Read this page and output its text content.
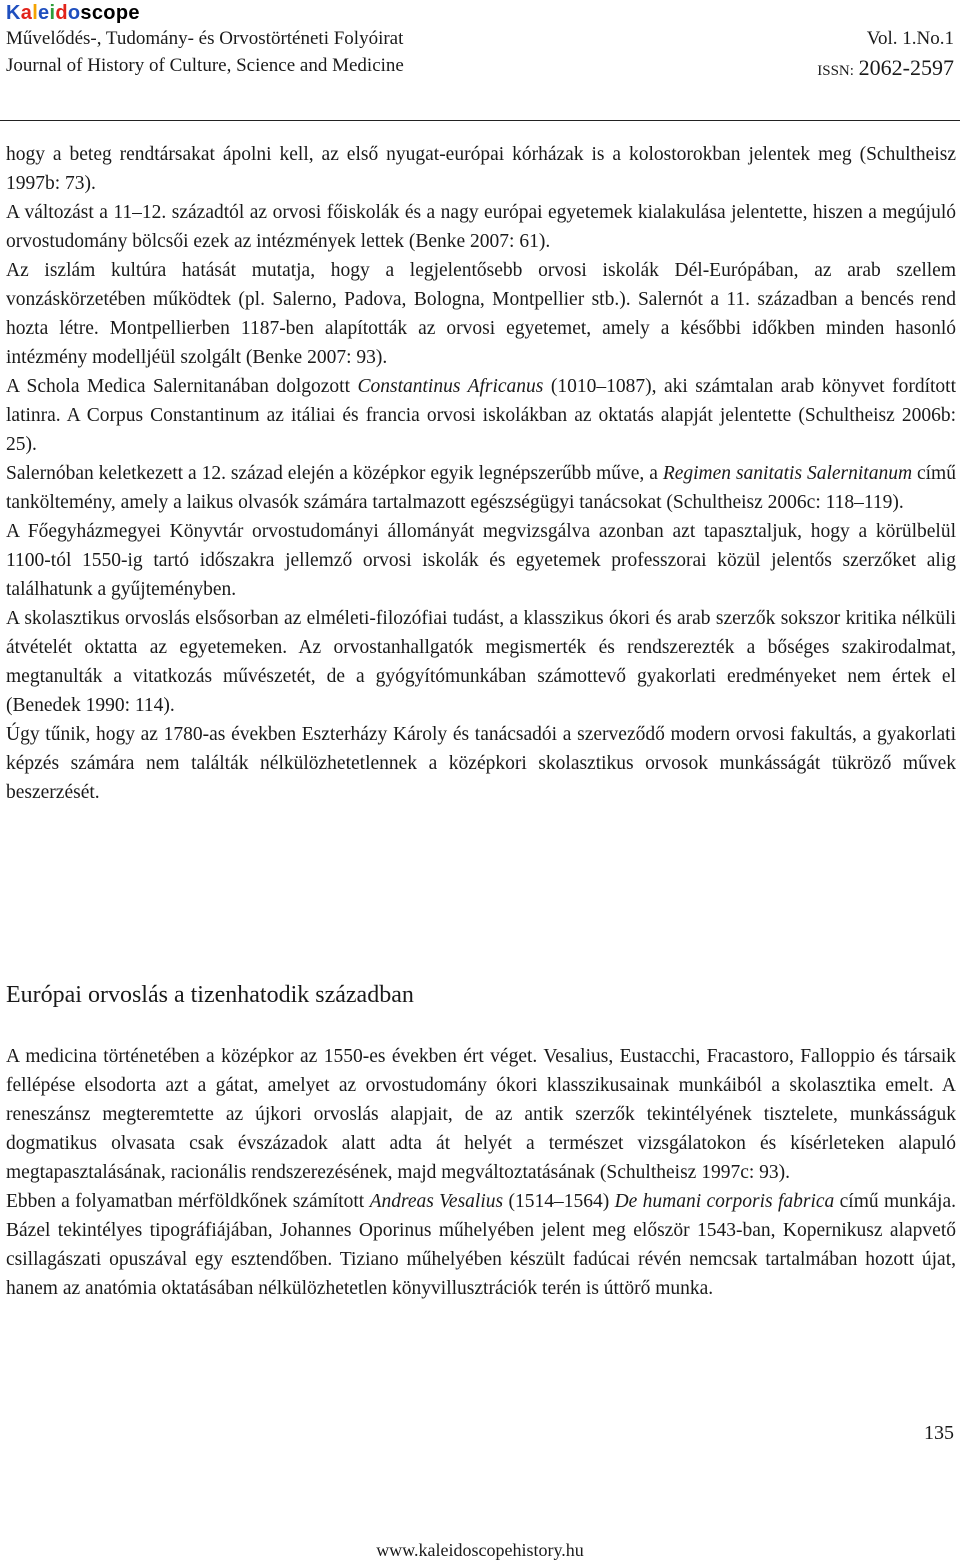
Kaleidoscope
Művelődés-, Tudomány- és Orvostörténeti Folyóirat
Journal of History of Culture, Science and Medicine
Vol. 1.No.1
ISSN: 2062-2597

hogy a beteg rendtársakat ápolni kell, az első nyugat-európai kórházak is a kolostorokban jelentek meg (Schultheisz 1997b: 73).

A változást a 11–12. századtól az orvosi főiskolák és a nagy európai egyetemek kialakulása jelentette, hiszen a megújuló orvostudomány bölcsői ezek az intézmények lettek (Benke 2007: 61).

Az iszlám kultúra hatását mutatja, hogy a legjelentősebb orvosi iskolák Dél-Európában, az arab szellem vonzáskörzetében működtek (pl. Salerno, Padova, Bologna, Montpellier stb.). Salernót a 11. században a bencés rend hozta létre. Montpellierben 1187-ben alapították az orvosi egyetemet, amely a későbbi időkben minden hasonló intézmény modelljéül szolgált (Benke 2007: 93).

A Schola Medica Salernitanában dolgozott Constantinus Africanus (1010–1087), aki számtalan arab könyvet fordított latinra. A Corpus Constantinum az itáliai és francia orvosi iskolákban az oktatás alapját jelentette (Schultheisz 2006b: 25).

Salernóban keletkezett a 12. század elején a középkor egyik legnépszerűbb műve, a Regimen sanitatis Salernitanum című tanköltemény, amely a laikus olvasók számára tartalmazott egészségügyi tanácsokat (Schultheisz 2006c: 118–119).

A Főegyházmegyei Könyvtár orvostudományi állományát megvizsgálva azonban azt tapasztaljuk, hogy a körülbelül 1100-tól 1550-ig tartó időszakra jellemző orvosi iskolák és egyetemek professzorai közül jelentős szerzőket alig találhatunk a gyűjteményben.

A skolasztikus orvoslás elsősorban az elméleti-filozófiai tudást, a klasszikus ókori és arab szerzők sokszor kritika nélküli átvételét oktatta az egyetemeken. Az orvostanhallgatók megismerték és rendszerezték a bőséges szakirodalmat, megtanulták a vitatkozás művészetét, de a gyógyítómunkában számottevő gyakorlati eredményeket nem értek el (Benedek 1990: 114).

Úgy tűnik, hogy az 1780-as években Eszterházy Károly és tanácsadói a szerveződő modern orvosi fakultás, a gyakorlati képzés számára nem találták nélkülözhetetlennek a középkori skolasztikus orvosok munkásságát tükröző művek beszerzését.

Európai orvoslás a tizenhatodik században

A medicina történetében a középkor az 1550-es években ért véget. Vesalius, Eustacchi, Fracastoro, Falloppio és társaik fellépése elsodorta azt a gátat, amelyet az orvostudomány ókori klasszikusainak munkáiból a skolasztika emelt. A reneszánsz megteremtette az újkori orvoslás alapjait, de az antik szerzők tekintélyének tisztelete, munkásságuk dogmatikus olvasata csak évszázadok alatt adta át helyét a természet vizsgálatokon és kísérleteken alapuló megtapasztalásának, racionális rendszerezésének, majd megváltoztatásának (Schultheisz 1997c: 93).

Ebben a folyamatban mérföldkőnek számított Andreas Vesalius (1514–1564) De humani corporis fabrica című munkája. Bázel tekintélyes tipográfiájában, Johannes Oporinus műhelyében jelent meg először 1543-ban, Kopernikusz alapvető csillagászati opuszával egy esztendőben. Tiziano műhelyében készült fadúcai révén nemcsak tartalmában hozott újat, hanem az anatómia oktatásában nélkülözhetetlen könyvillusztrációk terén is úttörő munka.

135
www.kaleidoscopehistory.hu
